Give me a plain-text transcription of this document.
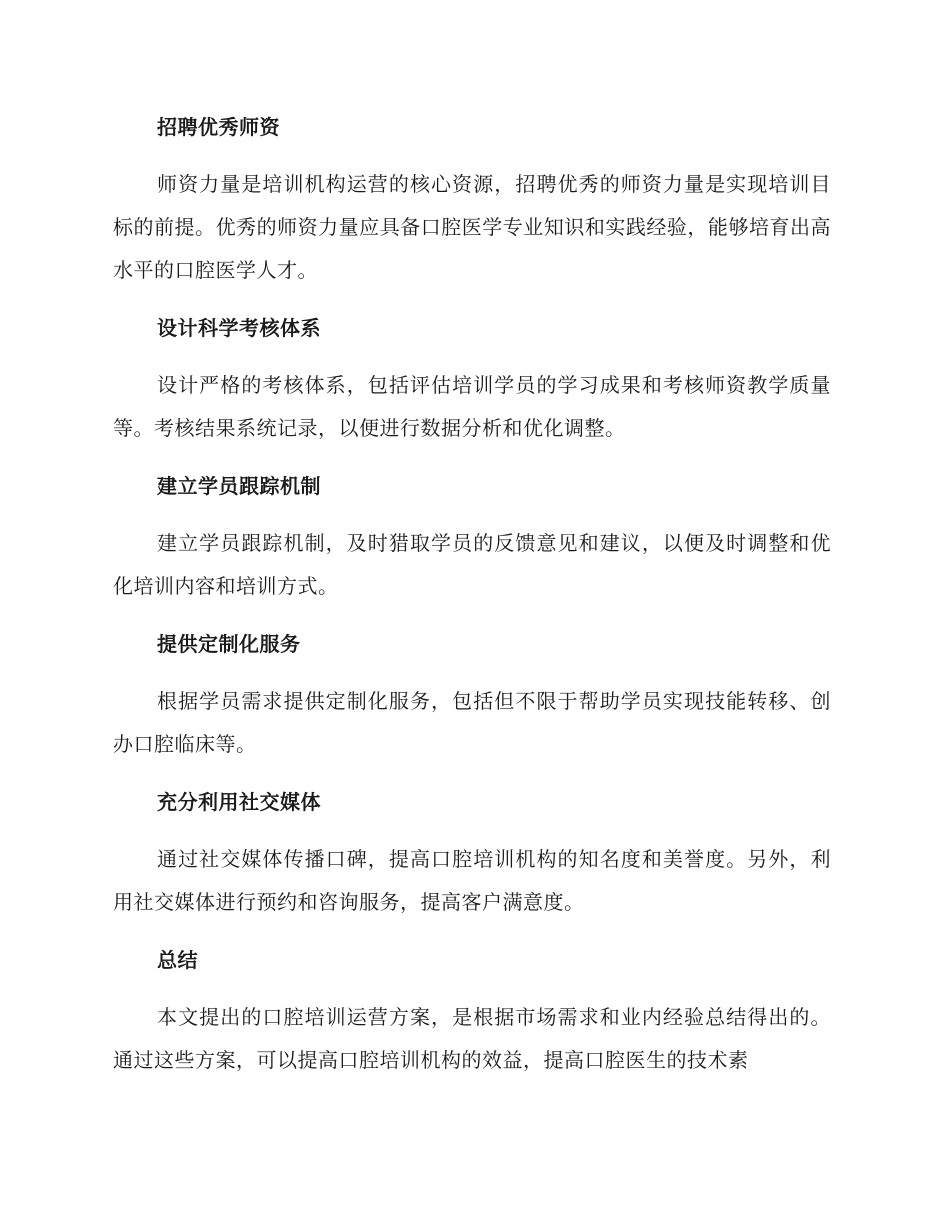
招聘优秀师资

师资力量是培训机构运营的核心资源，招聘优秀的师资力量是实现培训目标的前提。优秀的师资力量应具备口腔医学专业知识和实践经验，能够培育出高水平的口腔医学人才。

设计科学考核体系

设计严格的考核体系，包括评估培训学员的学习成果和考核师资教学质量等。考核结果系统记录，以便进行数据分析和优化调整。

建立学员跟踪机制

建立学员跟踪机制，及时猎取学员的反馈意见和建议，以便及时调整和优化培训内容和培训方式。

提供定制化服务

根据学员需求提供定制化服务，包括但不限于帮助学员实现技能转移、创办口腔临床等。

充分利用社交媒体

通过社交媒体传播口碑，提高口腔培训机构的知名度和美誉度。另外，利用社交媒体进行预约和咨询服务，提高客户满意度。

总结

本文提出的口腔培训运营方案，是根据市场需求和业内经验总结得出的。通过这些方案，可以提高口腔培训机构的效益，提高口腔医生的技术素
